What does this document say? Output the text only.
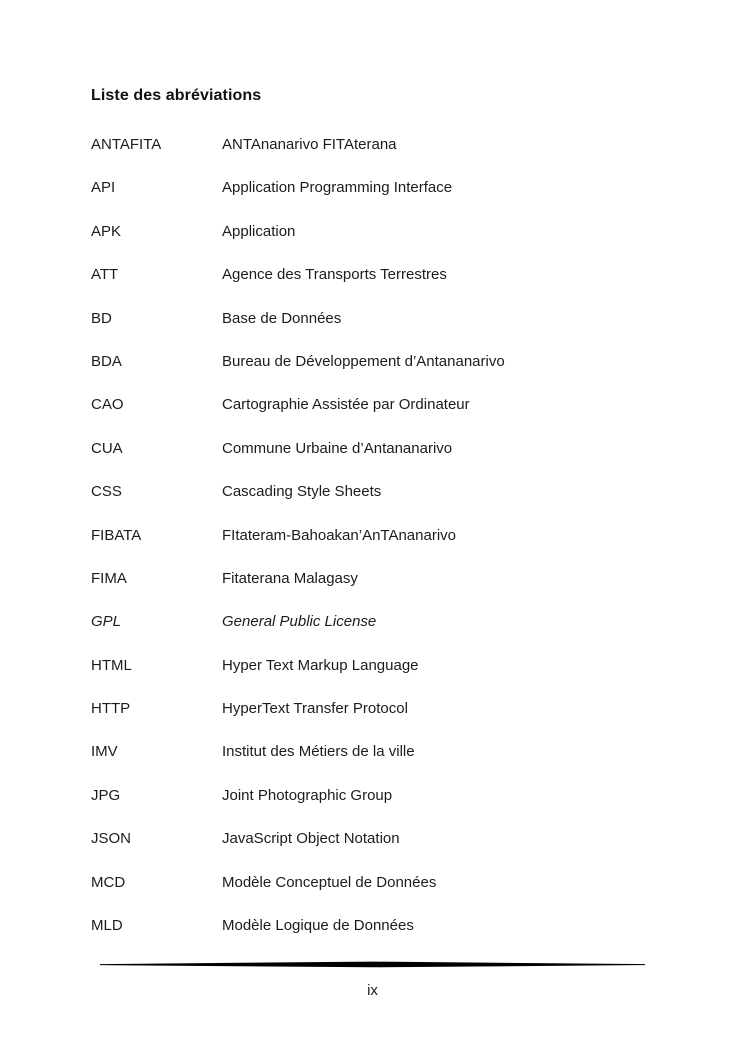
Liste des abréviations
ANTAFITA	ANTAnanarivo FITAterana
API	Application Programming Interface
APK	Application
ATT	Agence des Transports Terrestres
BD	Base de Données
BDA	Bureau de Développement d’Antananarivo
CAO	Cartographie Assistée par Ordinateur
CUA	Commune Urbaine d’Antananarivo
CSS	Cascading Style Sheets
FIBATA	FItateram-Bahoakan’AnTAnanarivo
FIMA	Fitaterana Malagasy
GPL	General Public License
HTML	Hyper Text Markup Language
HTTP	HyperText Transfer Protocol
IMV	Institut des Métiers de la ville
JPG	Joint Photographic Group
JSON	JavaScript Object Notation
MCD	Modèle Conceptuel de Données
MLD	Modèle Logique de Données
ix
